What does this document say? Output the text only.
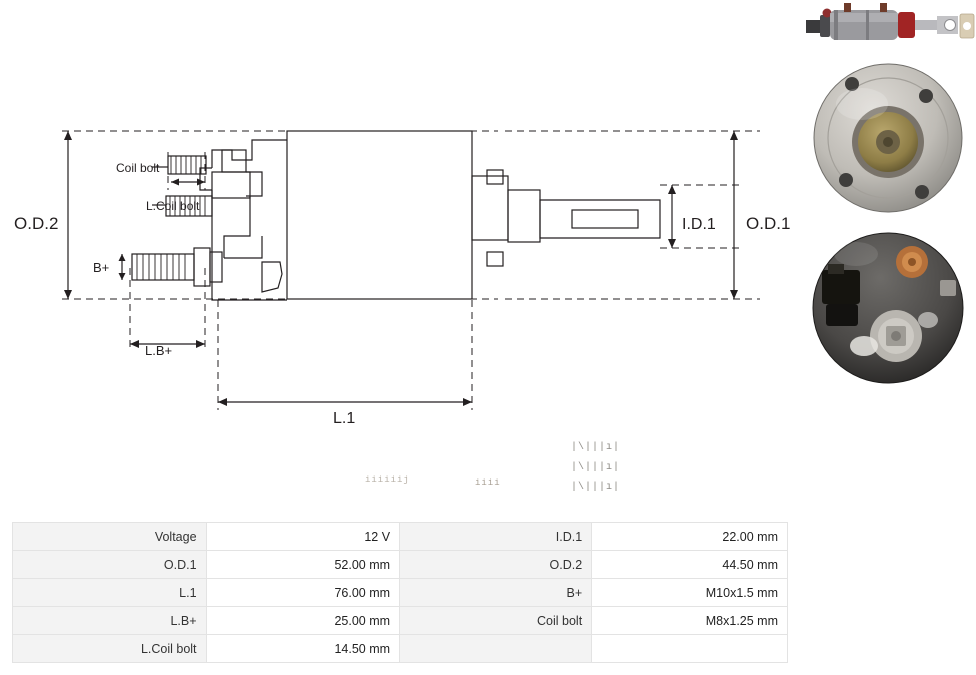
O.D.2	O.D.1
I.D.1
L.1
B+
L.B+
Coil bolt
L.Coil bolt
iiiiiij	iiii
|\|||ı|
|\|||ı|
|\|||ı|
Voltage	12 V	I.D.1	22.00 mm
O.D.1	52.00 mm	O.D.2	44.50 mm
L.1	76.00 mm	B+	M10x1.5 mm
L.B+	25.00 mm	Coil bolt	M8x1.25 mm
L.Coil bolt	14.50 mm		
